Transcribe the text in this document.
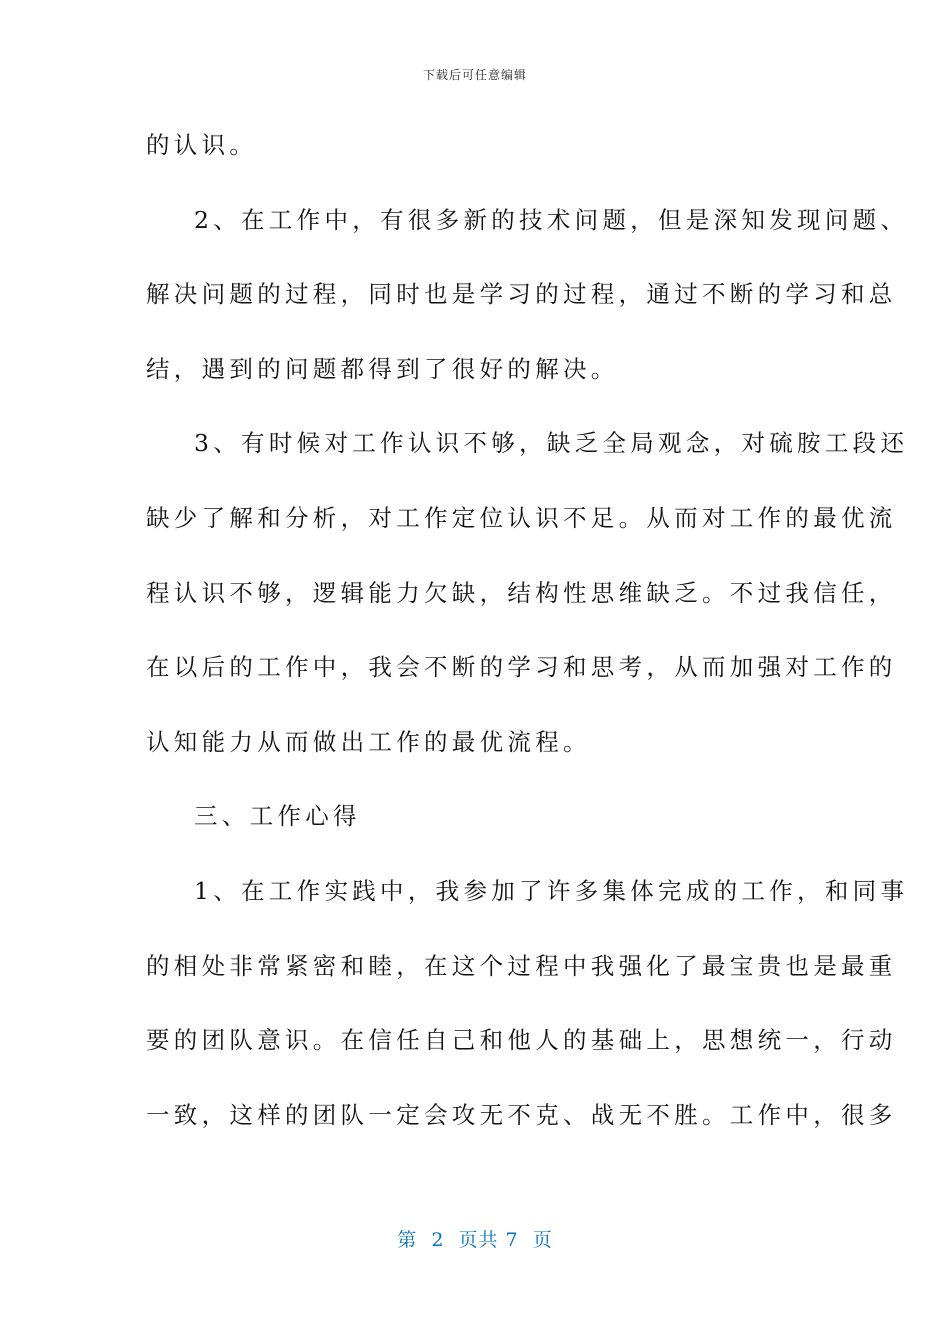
下载后可任意编辑
的认识。
2、在工作中，有很多新的技术问题，但是深知发现问题、
解决问题的过程，同时也是学习的过程，通过不断的学习和总
结，遇到的问题都得到了很好的解决。
3、有时候对工作认识不够，缺乏全局观念，对硫胺工段还
缺少了解和分析，对工作定位认识不足。从而对工作的最优流
程认识不够，逻辑能力欠缺，结构性思维缺乏。不过我信任，
在以后的工作中，我会不断的学习和思考，从而加强对工作的
认知能力从而做出工作的最优流程。
三、工作心得
1、在工作实践中，我参加了许多集体完成的工作，和同事
的相处非常紧密和睦，在这个过程中我强化了最宝贵也是最重
要的团队意识。在信任自己和他人的基础上，思想统一，行动
一致，这样的团队一定会攻无不克、战无不胜。工作中，很多
第  2  页共 7  页
